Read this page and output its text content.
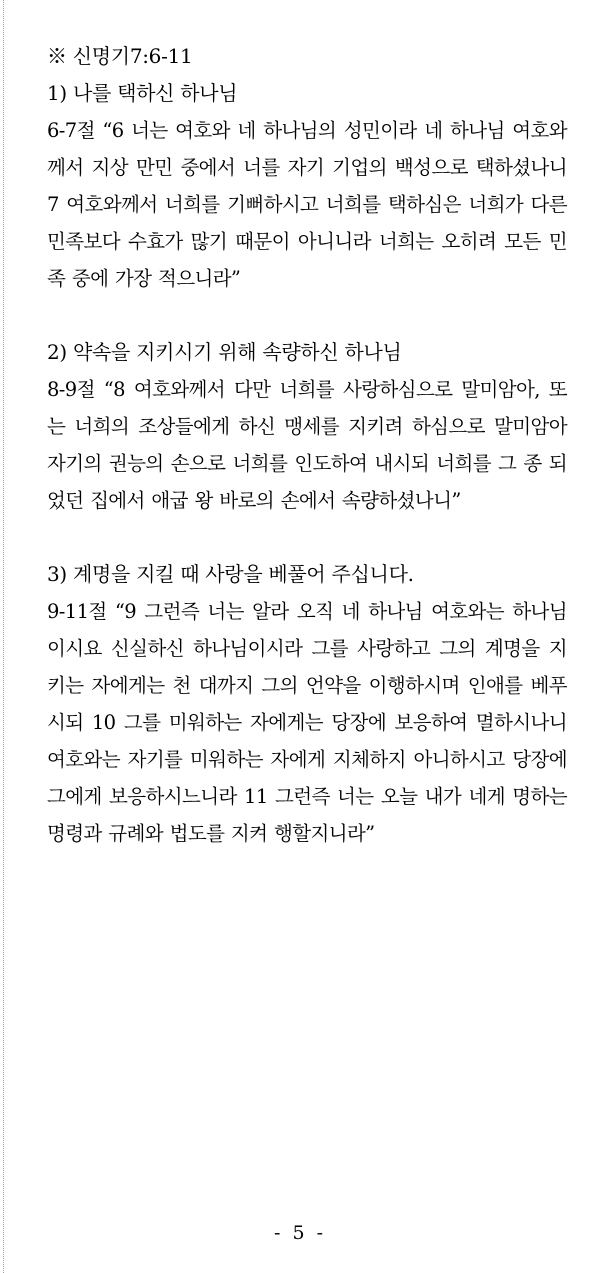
※ 신명기7:6-11
1) 나를 택하신 하나님

6-7절 “6 너는 여호와 네 하나님의 성민이라 네 하나님 여호와께서 지상 만민 중에서 너를 자기 기업의 백성으로 택하셨나니 7 여호와께서 너희를 기뻐하시고 너희를 택하심은 너희가 다른 민족보다 수효가 많기 때문이 아니니라 너희는 오히려 모든 민족 중에 가장 적으니라”

2) 약속을 지키시기 위해 속량하신 하나님

8-9절 “8 여호와께서 다만 너희를 사랑하심으로 말미암아, 또는 너희의 조상들에게 하신 맹세를 지키려 하심으로 말미암아 자기의 권능의 손으로 너희를 인도하여 내시되 너희를 그 종 되었던 집에서 애굽 왕 바로의 손에서 속량하셨나니”

3) 계명을 지킬 때 사랑을 베풀어 주십니다.

9-11절 “9 그런즉 너는 알라 오직 네 하나님 여호와는 하나님이시요 신실하신 하나님이시라 그를 사랑하고 그의 계명을 지키는 자에게는 천 대까지 그의 언약을 이행하시며 인애를 베푸시되 10 그를 미워하는 자에게는 당장에 보응하여 멸하시나니 여호와는 자기를 미워하는 자에게 지체하지 아니하시고 당장에 그에게 보응하시느니라 11 그런즉 너는 오늘 내가 네게 명하는 명령과 규례와 법도를 지켜 행할지니라”

- 5 -
